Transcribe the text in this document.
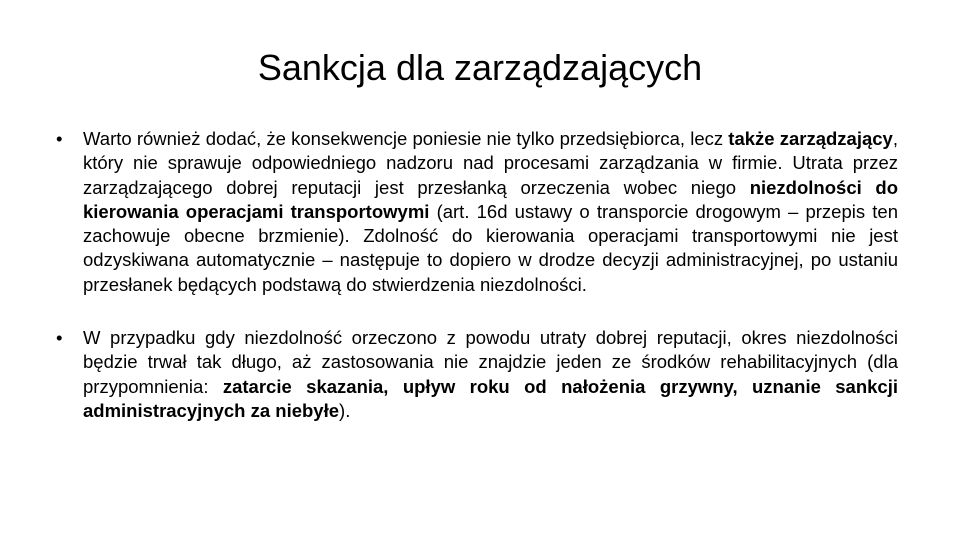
Sankcja dla zarządzających
• Warto również dodać, że konsekwencje poniesie nie tylko przedsiębiorca, lecz także zarządzający, który nie sprawuje odpowiedniego nadzoru nad procesami zarządzania w firmie. Utrata przez zarządzającego dobrej reputacji jest przesłanką orzeczenia wobec niego niezdolności do kierowania operacjami transportowymi (art. 16d ustawy o transporcie drogowym – przepis ten zachowuje obecne brzmienie). Zdolność do kierowania operacjami transportowymi nie jest odzyskiwana automatycznie – następuje to dopiero w drodze decyzji administracyjnej, po ustaniu przesłanek będących podstawą do stwierdzenia niezdolności.
• W przypadku gdy niezdolność orzeczono z powodu utraty dobrej reputacji, okres niezdolności będzie trwał tak długo, aż zastosowania nie znajdzie jeden ze środków rehabilitacyjnych (dla przypomnienia: zatarcie skazania, upływ roku od nałożenia grzywny, uznanie sankcji administracyjnych za niebyłe).
